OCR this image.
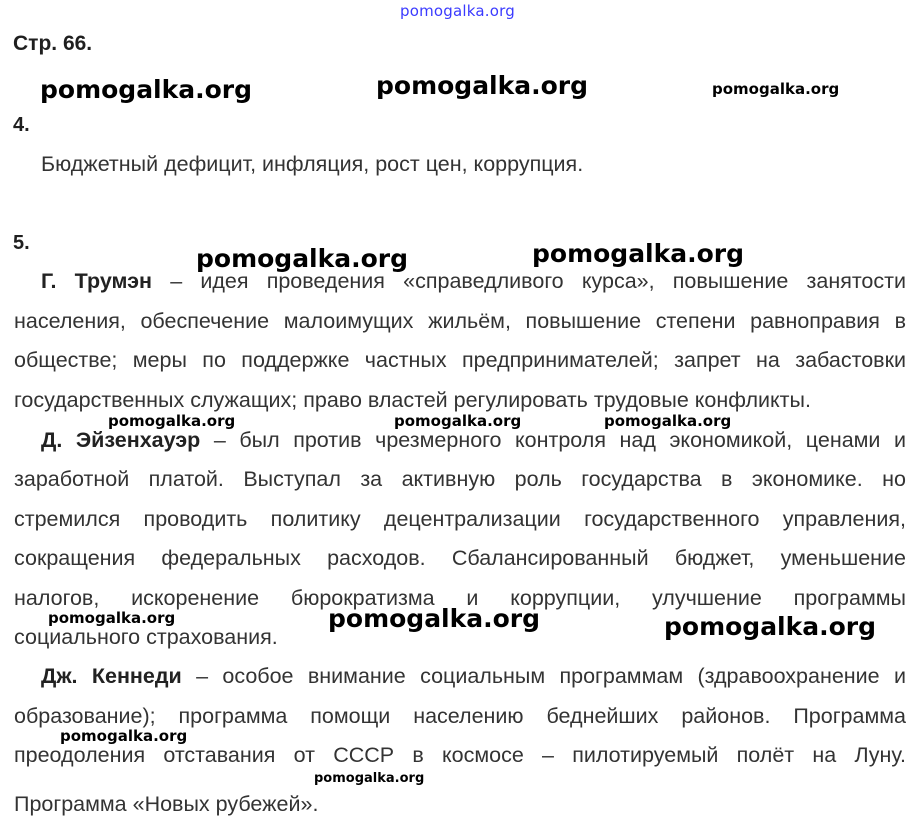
pomogalka.org
Стр. 66.
pomogalka.org	pomogalka.org	pomogalka.org
4.
Бюджетный дефицит, инфляция, рост цен, коррупция.
5.
pomogalka.org	pomogalka.org
Г. Трумэн – идея проведения «справедливого курса», повышение занятости
населения, обеспечение малоимущих жильём, повышение степени равноправия в
обществе; меры по поддержке частных предпринимателей; запрет на забастовки
государственных служащих; право властей регулировать трудовые конфликты.
pomogalka.org	pomogalka.org	pomogalka.org
Д. Эйзенхауэр – был против чрезмерного контроля над экономикой, ценами и
заработной платой. Выступал за активную роль государства в экономике. но
стремился проводить политику децентрализации государственного управления,
сокращения федеральных расходов. Сбалансированный бюджет, уменьшение
налогов, искоренение бюрократизма и коррупции, улучшение программы
социального страхования.
pomogalka.org	pomogalka.org	pomogalka.org
Дж. Кеннеди – особое внимание социальным программам (здравоохранение и
образование); программа помощи населению беднейших районов. Программа
преодоления отставания от СССР в космосе – пилотируемый полёт на Луну.
Программа «Новых рубежей».
pomogalka.org
pomogalka.org
